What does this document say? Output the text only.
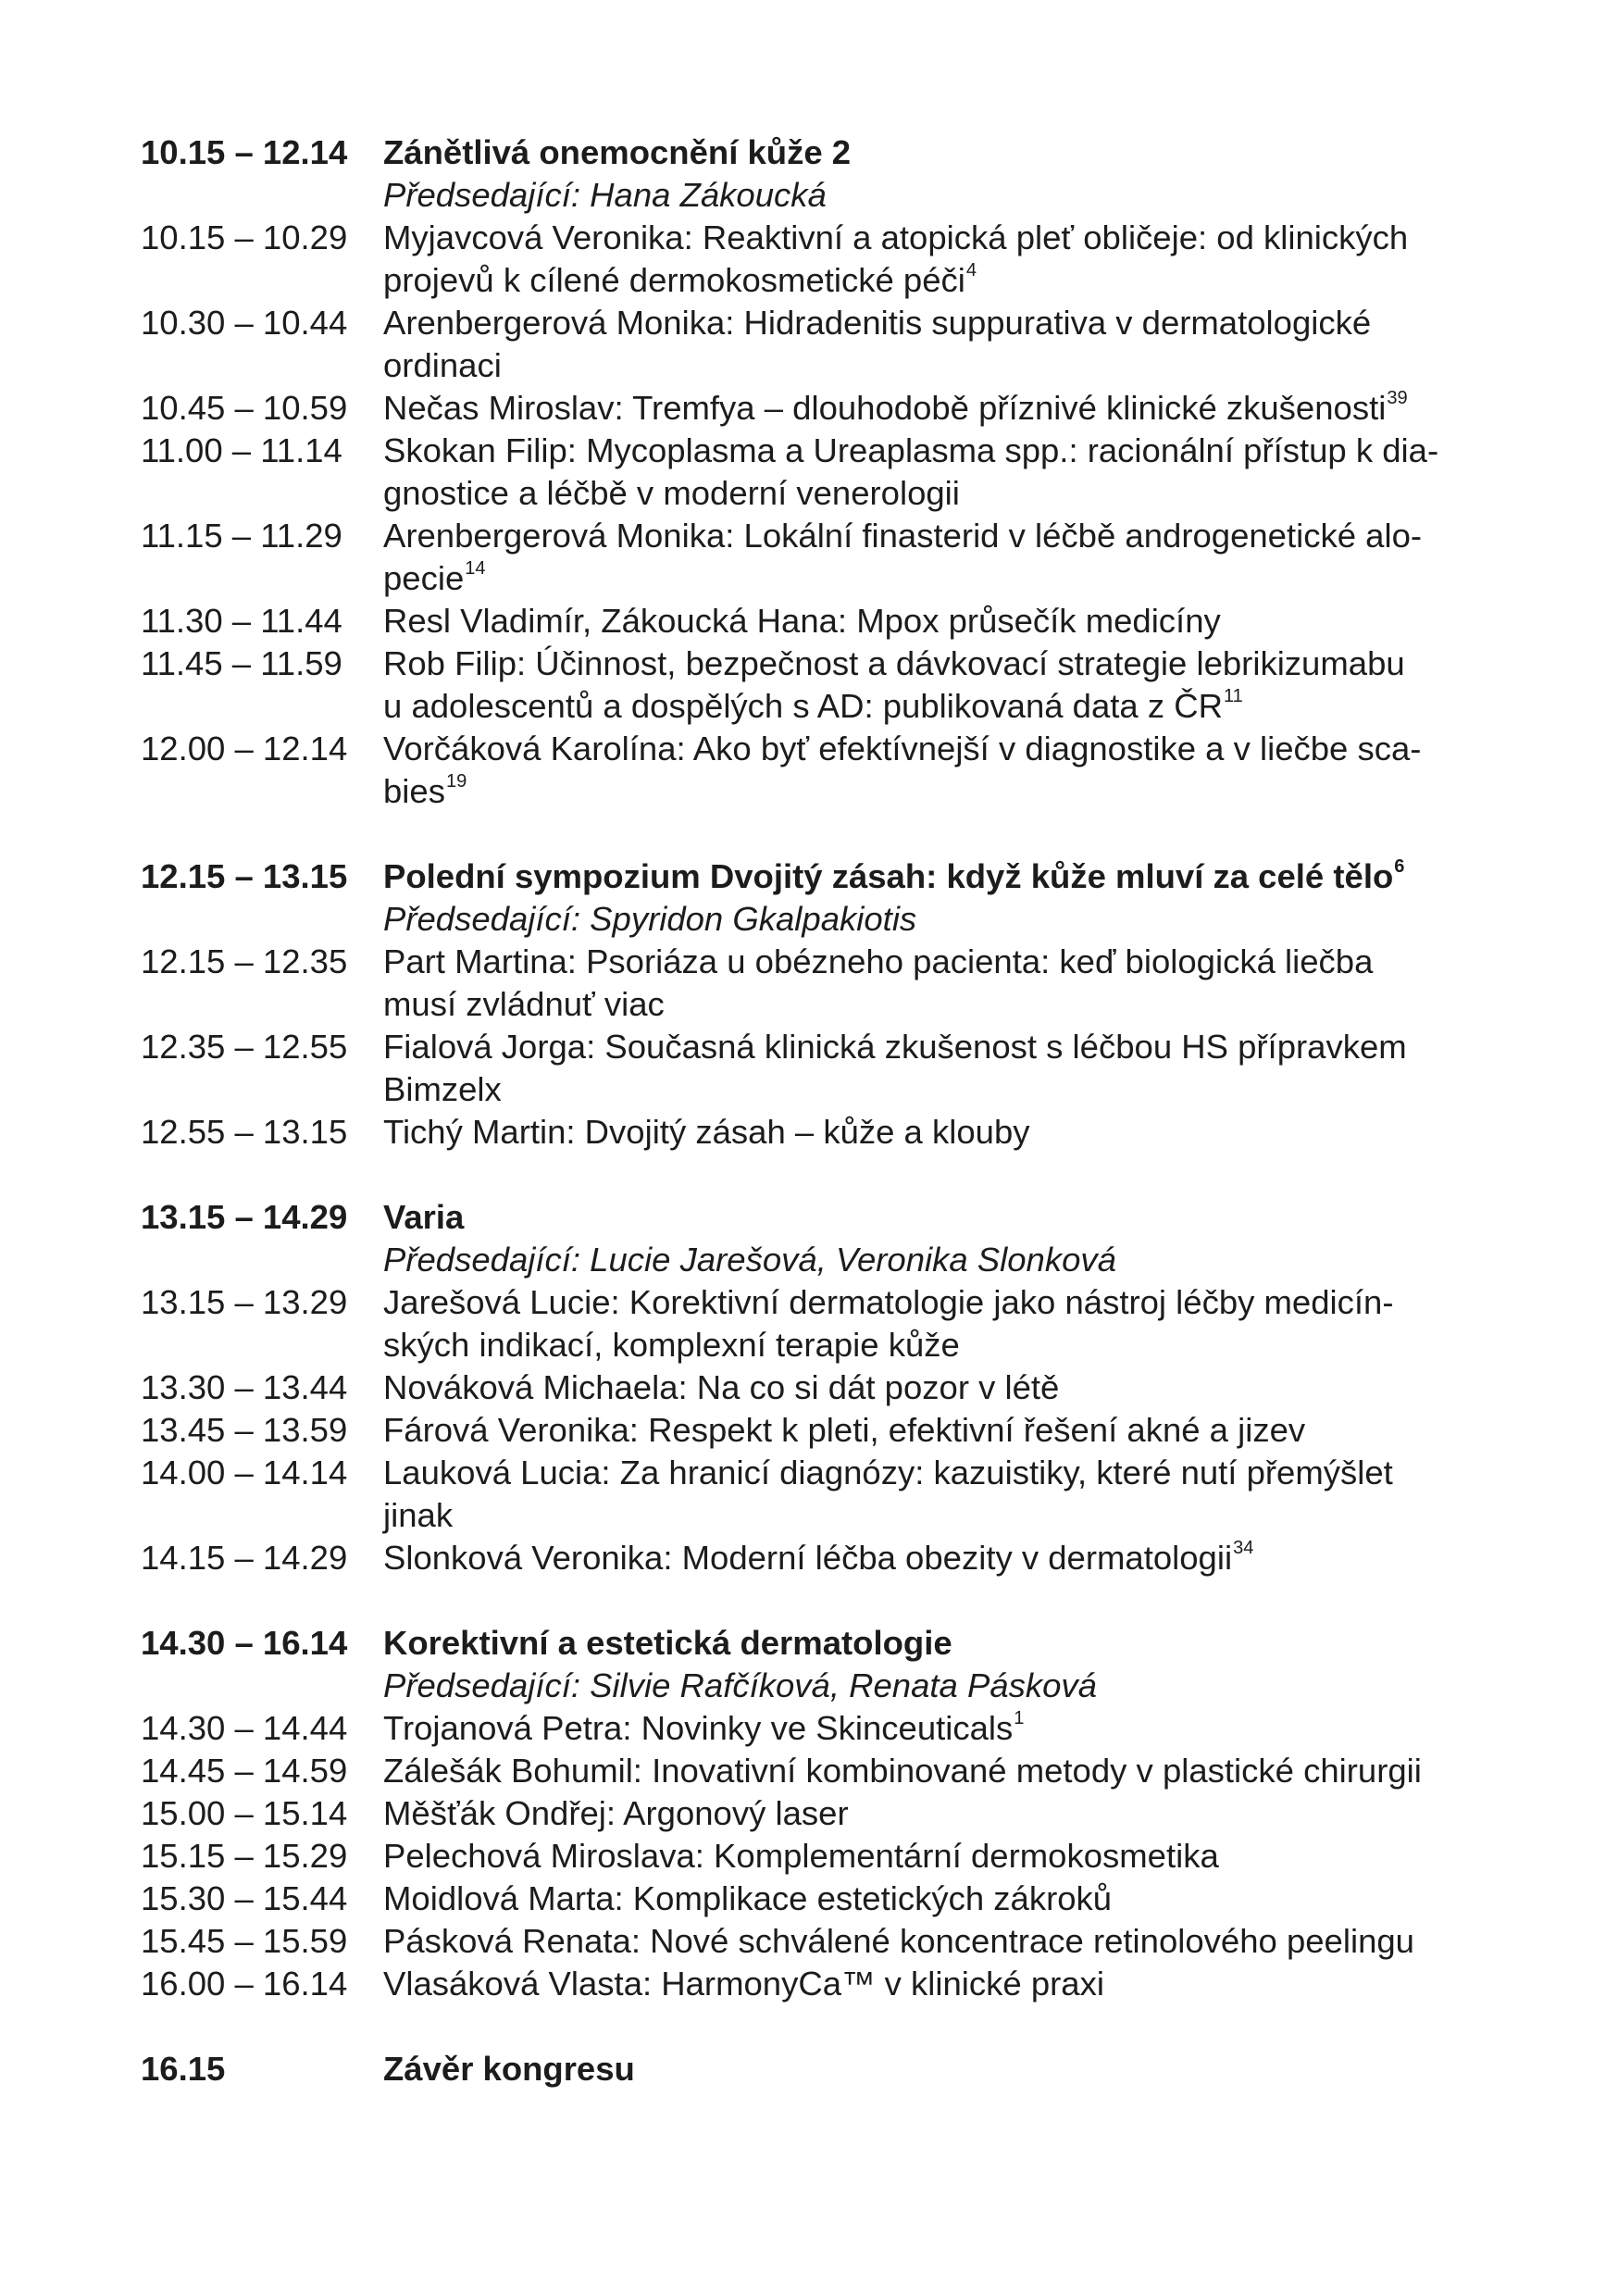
10.15 – 12.14	Zánětlivá onemocnění kůže 2
Předsedající: Hana Zákoucká
10.15 – 10.29	Myjavcová Veronika: Reaktivní a atopická pleť obličeje: od klinických
projevů k cílené dermokosmetické péči$^4$
10.30 – 10.44	Arenbergerová Monika: Hidradenitis suppurativa v dermatologické
ordinaci
10.45 – 10.59	Nečas Miroslav: Tremfya – dlouhodobě příznivé klinické zkušenosti$^{39}$
11.00 – 11.14	Skokan Filip: Mycoplasma a Ureaplasma spp.: racionální přístup k dia-
gnostice a léčbě v moderní venerologii
11.15 – 11.29	Arenbergerová Monika: Lokální finasterid v léčbě androgenetické alo-
pecie$^{14}$
11.30 – 11.44	Resl Vladimír, Zákoucká Hana: Mpox průsečík medicíny
11.45 – 11.59	Rob Filip: Účinnost, bezpečnost a dávkovací strategie lebrikizumabu
u adolescentů a dospělých s AD: publikovaná data z ČR$^{11}$
12.00 – 12.14	Vorčáková Karolína: Ako byť efektívnejší v diagnostike a v liečbe sca-
bies$^{19}$
12.15 – 13.15	Polední sympozium Dvojitý zásah: když kůže mluví za celé tělo$^6$
Předsedající: Spyridon Gkalpakiotis
12.15 – 12.35	Part Martina: Psoriáza u obézneho pacienta: keď biologická liečba
musí zvládnuť viac
12.35 – 12.55	Fialová Jorga: Současná klinická zkušenost s léčbou HS přípravkem
Bimzelx
12.55 – 13.15	Tichý Martin: Dvojitý zásah – kůže a klouby
13.15 – 14.29	Varia
Předsedající: Lucie Jarešová, Veronika Slonková
13.15 – 13.29	Jarešová Lucie: Korektivní dermatologie jako nástroj léčby medicín-
ských indikací, komplexní terapie kůže
13.30 – 13.44	Nováková Michaela: Na co si dát pozor v létě
13.45 – 13.59	Fárová Veronika: Respekt k pleti, efektivní řešení akné a jizev
14.00 – 14.14	Lauková Lucia: Za hranicí diagnózy: kazuistiky, které nutí přemýšlet
jinak
14.15 – 14.29	Slonková Veronika: Moderní léčba obezity v dermatologii$^{34}$
14.30 – 16.14	Korektivní a estetická dermatologie
Předsedající: Silvie Rafčíková, Renata Pásková
14.30 – 14.44	Trojanová Petra: Novinky ve Skinceuticals$^1$
14.45 – 14.59	Zálešák Bohumil: Inovativní kombinované metody v plastické chirurgii
15.00 – 15.14	Měšťák Ondřej: Argonový laser
15.15 – 15.29	Pelechová Miroslava: Komplementární dermokosmetika
15.30 – 15.44	Moidlová Marta: Komplikace estetických zákroků
15.45 – 15.59	Pásková Renata: Nové schválené koncentrace retinolového peelingu
16.00 – 16.14	Vlasáková Vlasta: HarmonyCa™ v klinické praxi
16.15	Závěr kongresu
